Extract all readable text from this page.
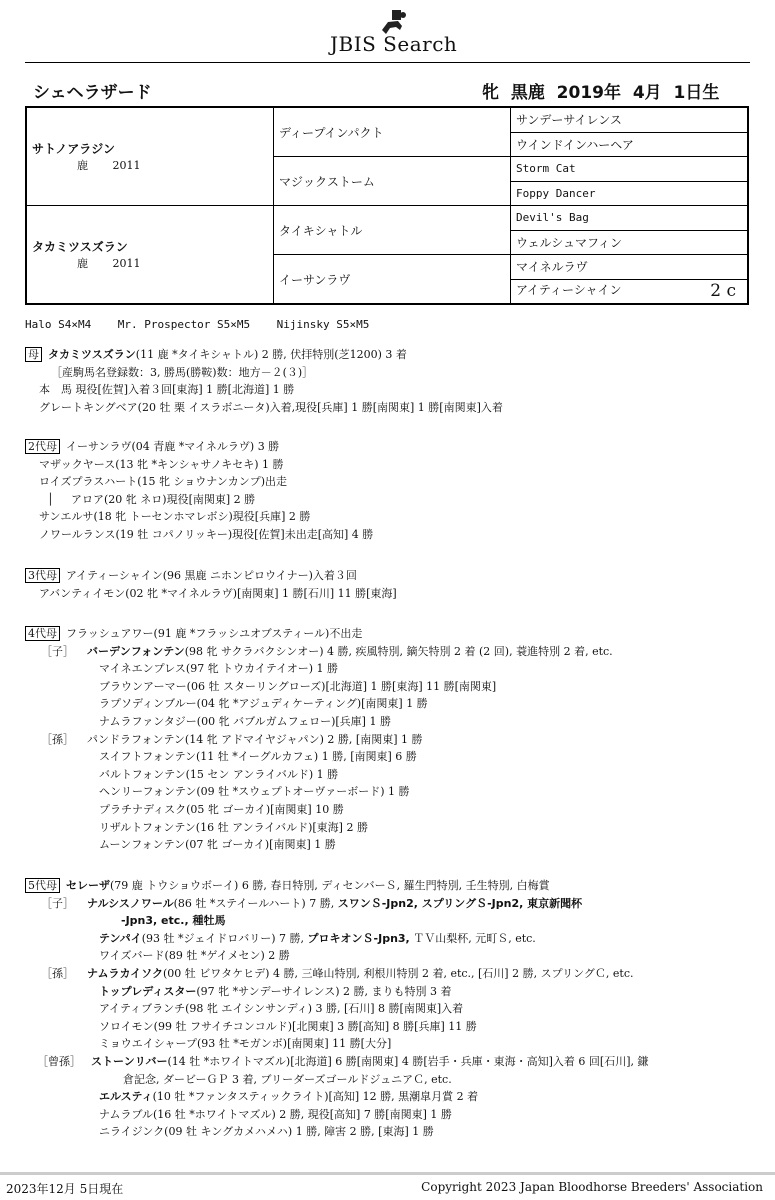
JBIS Search
シェヘラザード	牝  黒鹿  2019年  4月  1日生
サトノアラジン
鹿       2011	ディープインパクト	サンデーサイレンス
		ウインドインハーヘア
	マジックストーム	Storm Cat
		Foppy Dancer

タカミツスズラン
鹿       2011	タイキシャトル	Devil's Bag
		ウェルシュマフィン
	イーサンラヴ	マイネルラヴ
		アイティーシャイン 2 c
Halo S4×M4    Mr. Prospector S5×M5    Nijinsky S5×M5
母 タカミツスズラン(11 鹿 *タイキシャトル) 2 勝, 伏拝特別(芝1200) 3 着
［産駒馬名登録数：3, 勝馬(勝鞍)数：地方－２(３)］
本　馬 現役[佐賀]入着３回[東海] 1 勝[北海道] 1 勝
グレートキングベア(20 牡 栗 イスラボニータ)入着,現役[兵庫] 1 勝[南関東] 1 勝[南関東]入着
2代母 イーサンラヴ(04 青鹿 *マイネルラヴ) 3 勝
マザックヤース(13 牝 *キンシャサノキセキ) 1 勝
ロイズプラスハート(15 牝 ショウナンカンプ)出走
│ アロア(20 牝 ネロ)現役[南関東] 2 勝
サンエルサ(18 牝 トーセンホマレボシ)現役[兵庫] 2 勝
ノワールランス(19 牡 コパノリッキー)現役[佐賀]未出走[高知] 4 勝
3代母 アイティーシャイン(96 黒鹿 ニホンピロウイナー)入着３回
アバンティイモン(02 牝 *マイネルラヴ)[南関東] 1 勝[石川] 11 勝[東海]
4代母 フラッシュアワー(91 鹿 *フラッシユオブスティール)不出走
［子］ バーデンフォンテン(98 牝 サクラバクシンオー) 4 勝, 疾風特別, 鏑矢特別 2 着 (2 回), 蓑進特別 2 着, etc.
マイネエンプレス(97 牝 トウカイテイオー) 1 勝
ブラウンアーマー(06 牡 スターリングローズ)[北海道] 1 勝[東海] 11 勝[南関東]
ラプソディンブルー(04 牝 *アジュディケーティング)[南関東] 1 勝
ナムラファンタジー(00 牝 バブルガムフェロー)[兵庫] 1 勝
［孫］ パンドラフォンテン(14 牝 アドマイヤジャパン) 2 勝, [南関東] 1 勝
スイフトフォンテン(11 牡 *イーグルカフェ) 1 勝, [南関東] 6 勝
バルトフォンテン(15 セン アンライバルド) 1 勝
ヘンリーフォンテン(09 牡 *スウェプトオーヴァーボード) 1 勝
プラチナディスク(05 牝 ゴーカイ)[南関東] 10 勝
リザルトフォンテン(16 牡 アンライバルド)[東海] 2 勝
ムーンフォンテン(07 牝 ゴーカイ)[南関東] 1 勝
5代母 セレーザ(79 鹿 トウショウボーイ) 6 勝, 春日特別, ディセンバーＳ, 羅生門特別, 壬生特別, 白梅賞
［子］ ナルシスノワール(86 牡 *ステイールハート) 7 勝, スワンＳ-Jpn2, スプリングＳ-Jpn2, 東京新聞杯
-Jpn3, etc., 種牡馬
テンパイ(93 牡 *ジェイドロバリー) 7 勝, プロキオンＳ-Jpn3, ＴＶ山梨杯, 元町Ｓ, etc.
ワイズバード(89 牡 *ゲイメセン) 2 勝
［孫］ ナムラカイソク(00 牡 ビワタケヒデ) 4 勝, 三峰山特別, 利根川特別 2 着, etc., [石川] 2 勝, スプリングＣ, etc.
トップレディスター(97 牝 *サンデーサイレンス) 2 勝, まりも特別 3 着
アイティブランチ(98 牝 エイシンサンディ) 3 勝, [石川] 8 勝[南関東]入着
ソロイモン(99 牡 フサイチコンコルド)[北関東] 3 勝[高知] 8 勝[兵庫] 11 勝
ミョウエイシャープ(93 牡 *モガンボ)[南関東] 11 勝[大分]
［曾孫］ ストーンリバー(14 牡 *ホワイトマズル)[北海道] 6 勝[南関東] 4 勝[岩手・兵庫・東海・高知]入着 6 回[石川], 鎌
倉記念, ダービーＧＰ 3 着, ブリーダーズゴールドジュニアＣ, etc.
エルスティ(10 牡 *ファンタスティックライト)[高知] 12 勝, 黒潮皐月賞 2 着
ナムラブル(16 牡 *ホワイトマズル) 2 勝, 現役[高知] 7 勝[南関東] 1 勝
ニライジンク(09 牡 キングカメハメハ) 1 勝, 障害 2 勝, [東海] 1 勝
2023年12月 5日現在	Copyright 2023 Japan Bloodhorse Breeders' Association
